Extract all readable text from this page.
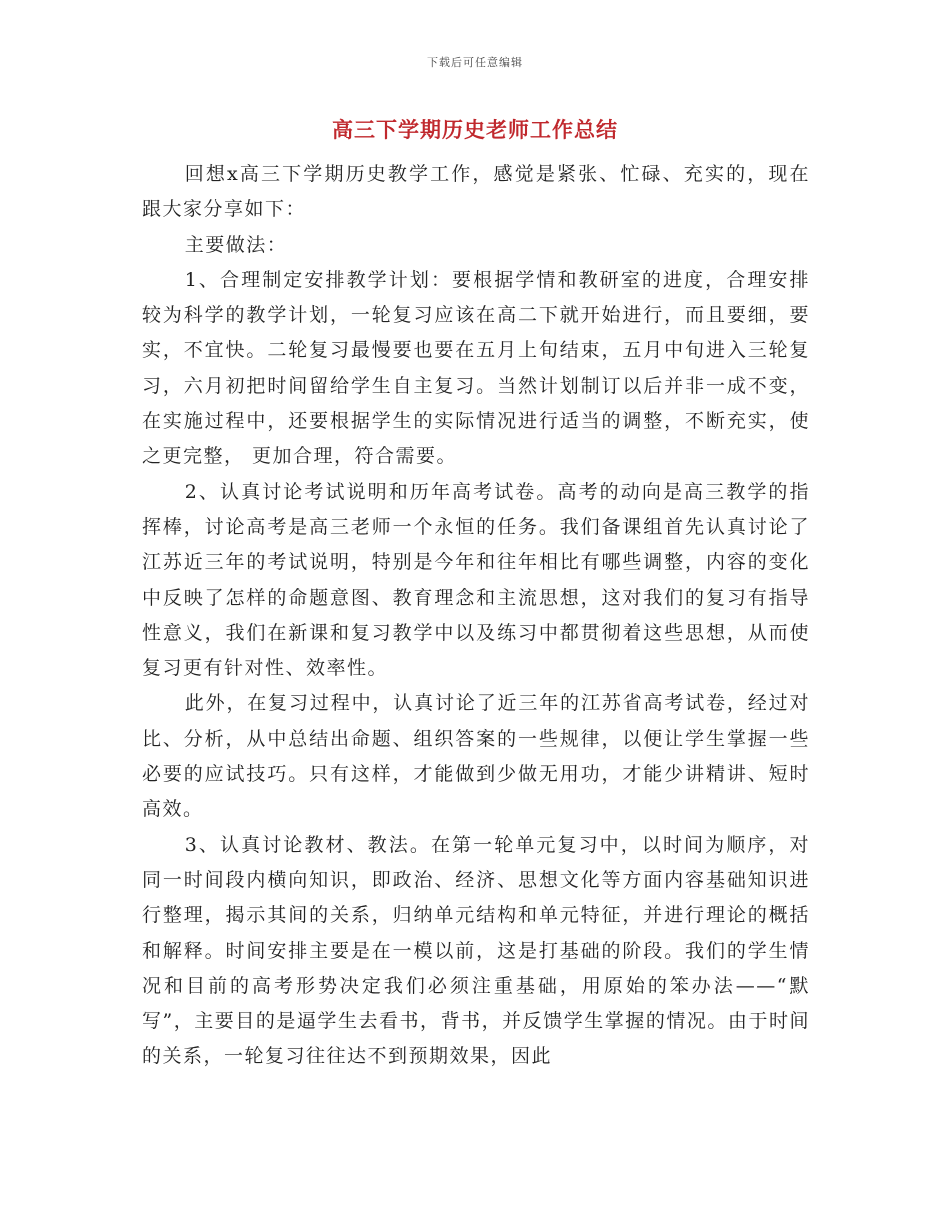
下载后可任意编辑
高三下学期历史老师工作总结

回想x高三下学期历史教学工作，感觉是紧张、忙碌、充实的，现在跟大家分享如下：

主要做法：

1、合理制定安排教学计划：要根据学情和教研室的进度，合理安排较为科学的教学计划，一轮复习应该在高二下就开始进行，而且要细，要实，不宜快。二轮复习最慢要也要在五月上旬结束，五月中旬进入三轮复习，六月初把时间留给学生自主复习。当然计划制订以后并非一成不变，在实施过程中，还要根据学生的实际情况进行适当的调整，不断充实，使之更完整， 更加合理，符合需要。

2、认真讨论考试说明和历年高考试卷。高考的动向是高三教学的指挥棒，讨论高考是高三老师一个永恒的任务。我们备课组首先认真讨论了江苏近三年的考试说明，特别是今年和往年相比有哪些调整，内容的变化中反映了怎样的命题意图、教育理念和主流思想，这对我们的复习有指导性意义，我们在新课和复习教学中以及练习中都贯彻着这些思想，从而使复习更有针对性、效率性。

此外，在复习过程中，认真讨论了近三年的江苏省高考试卷，经过对比、分析，从中总结出命题、组织答案的一些规律，以便让学生掌握一些必要的应试技巧。只有这样，才能做到少做无用功，才能少讲精讲、短时高效。

3、认真讨论教材、教法。在第一轮单元复习中，以时间为顺序，对同一时间段内横向知识，即政治、经济、思想文化等方面内容基础知识进行整理，揭示其间的关系，归纳单元结构和单元特征，并进行理论的概括和解释。时间安排主要是在一模以前，这是打基础的阶段。我们的学生情况和目前的高考形势决定我们必须注重基础，用原始的笨办法——“默写”，主要目的是逼学生去看书，背书，并反馈学生掌握的情况。由于时间的关系，一轮复习往往达不到预期效果，因此
